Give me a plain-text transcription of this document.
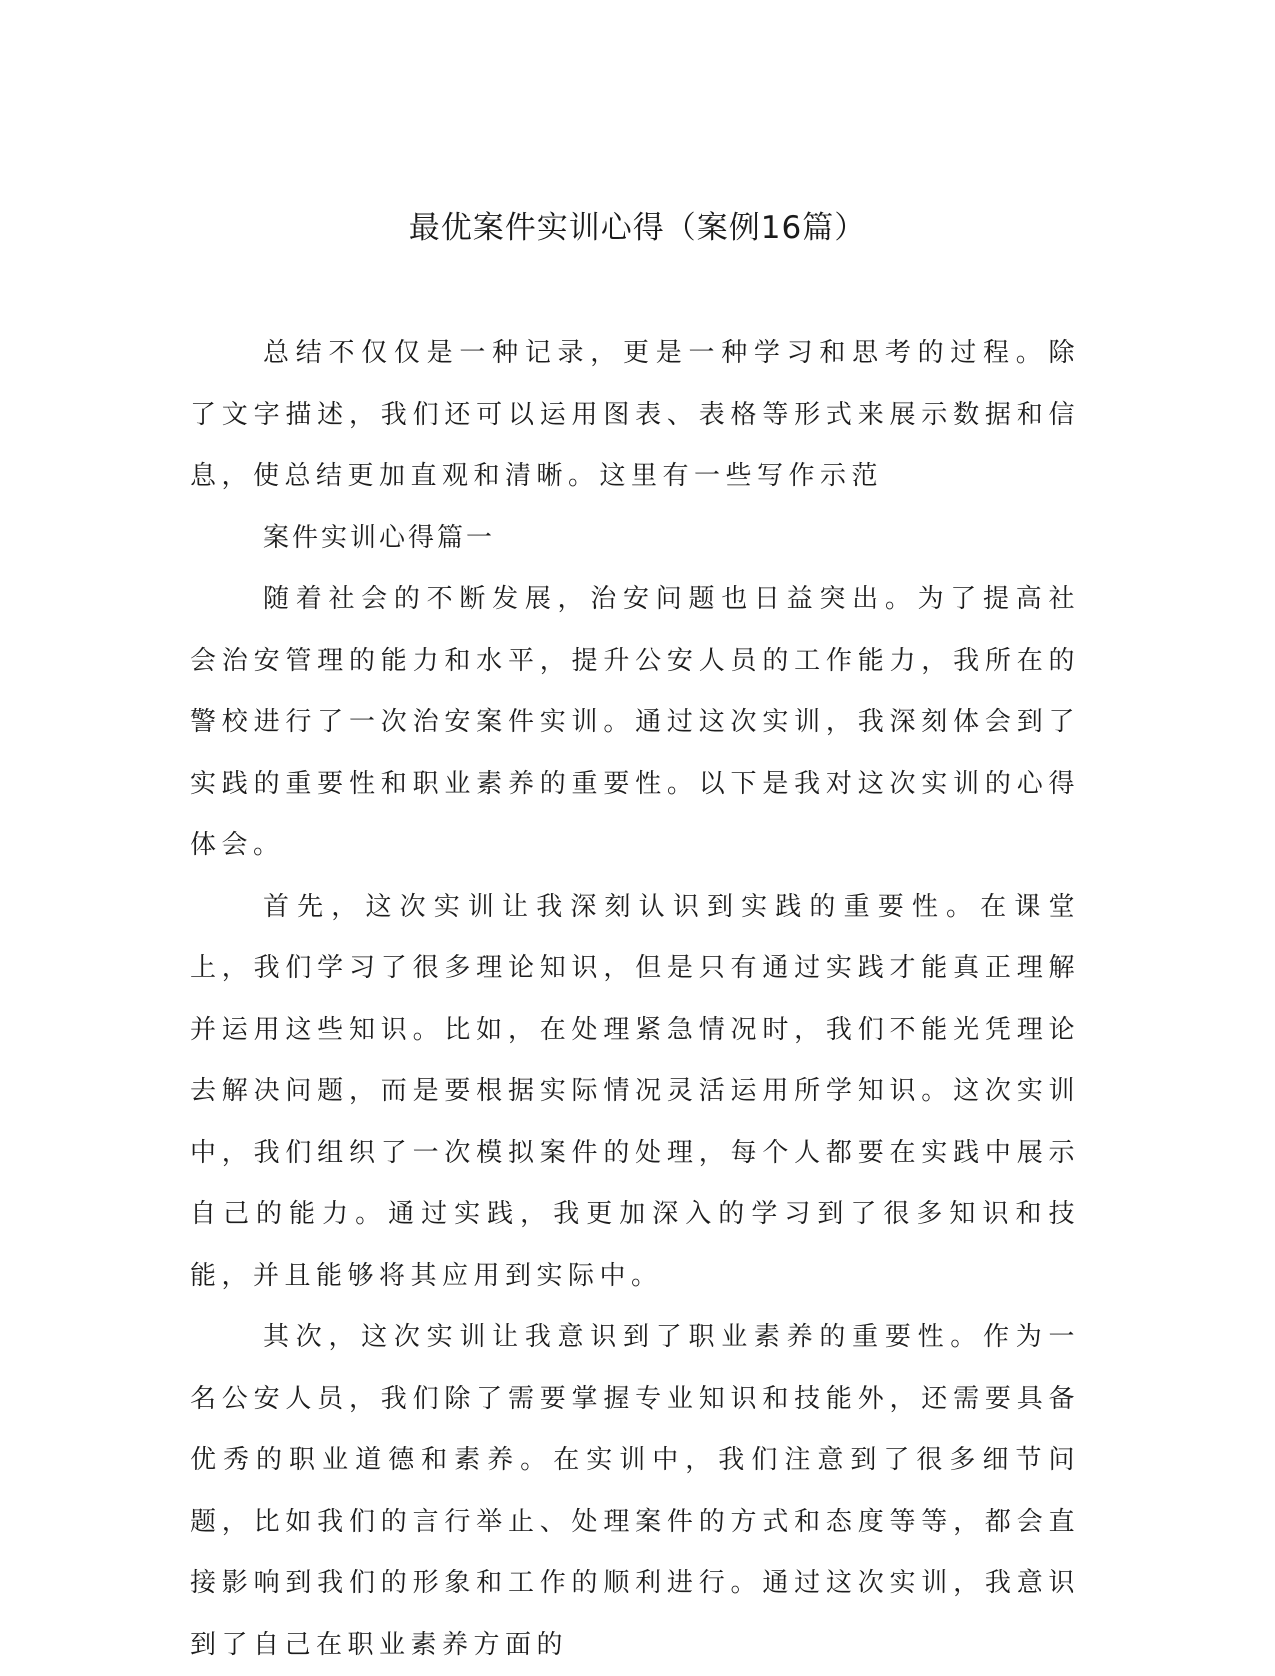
最优案件实训心得（案例16篇）

总结不仅仅是一种记录，更是一种学习和思考的过程。除了文字描述，我们还可以运用图表、表格等形式来展示数据和信息，使总结更加直观和清晰。这里有一些写作示范

案件实训心得篇一

随着社会的不断发展，治安问题也日益突出。为了提高社会治安管理的能力和水平，提升公安人员的工作能力，我所在的警校进行了一次治安案件实训。通过这次实训，我深刻体会到了实践的重要性和职业素养的重要性。以下是我对这次实训的心得体会。

首先，这次实训让我深刻认识到实践的重要性。在课堂上，我们学习了很多理论知识，但是只有通过实践才能真正理解并运用这些知识。比如，在处理紧急情况时，我们不能光凭理论去解决问题，而是要根据实际情况灵活运用所学知识。这次实训中，我们组织了一次模拟案件的处理，每个人都要在实践中展示自己的能力。通过实践，我更加深入的学习到了很多知识和技能，并且能够将其应用到实际中。

其次，这次实训让我意识到了职业素养的重要性。作为一名公安人员，我们除了需要掌握专业知识和技能外，还需要具备优秀的职业道德和素养。在实训中，我们注意到了很多细节问题，比如我们的言行举止、处理案件的方式和态度等等，都会直接影响到我们的形象和工作的顺利进行。通过这次实训，我意识到了自己在职业素养方面的
